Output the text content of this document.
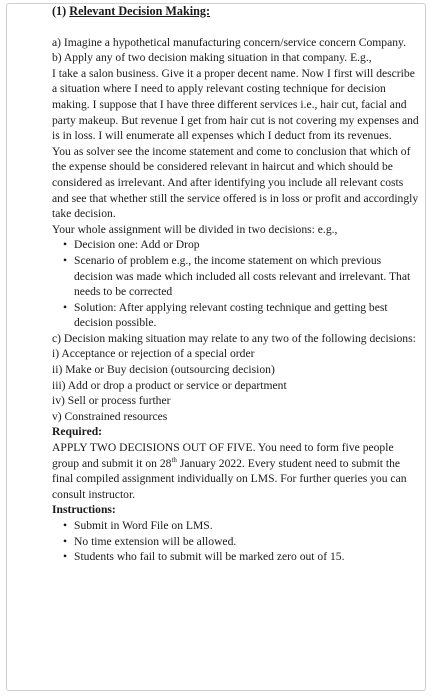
(1) Relevant Decision Making:

a) Imagine a hypothetical manufacturing concern/service concern Company.

b) Apply any of two decision making situation in that company. E.g.,

I take a salon business. Give it a proper decent name. Now I first will describe a situation where I need to apply relevant costing technique for decision making. I suppose that I have three different services i.e., hair cut, facial and party makeup. But revenue I get from hair cut is not covering my expenses and is in loss. I will enumerate all expenses which I deduct from its revenues.

You as solver see the income statement and come to conclusion that which of the expense should be considered relevant in haircut and which should be considered as irrelevant. And after identifying you include all relevant costs and see that whether still the service offered is in loss or profit and accordingly take decision.

Your whole assignment will be divided in two decisions: e.g.,

• Decision one: Add or Drop
• Scenario of problem e.g., the income statement on which previous decision was made which included all costs relevant and irrelevant. That needs to be corrected
• Solution: After applying relevant costing technique and getting best decision possible.

c) Decision making situation may relate to any two of the following decisions:

i) Acceptance or rejection of a special order

ii) Make or Buy decision (outsourcing decision)

iii) Add or drop a product or service or department

iv) Sell or process further

v) Constrained resources

Required:

APPLY TWO DECISIONS OUT OF FIVE. You need to form five people group and submit it on 28th January 2022. Every student need to submit the final compiled assignment individually on LMS. For further queries you can consult instructor.

Instructions:

• Submit in Word File on LMS.
• No time extension will be allowed.
• Students who fail to submit will be marked zero out of 15.
